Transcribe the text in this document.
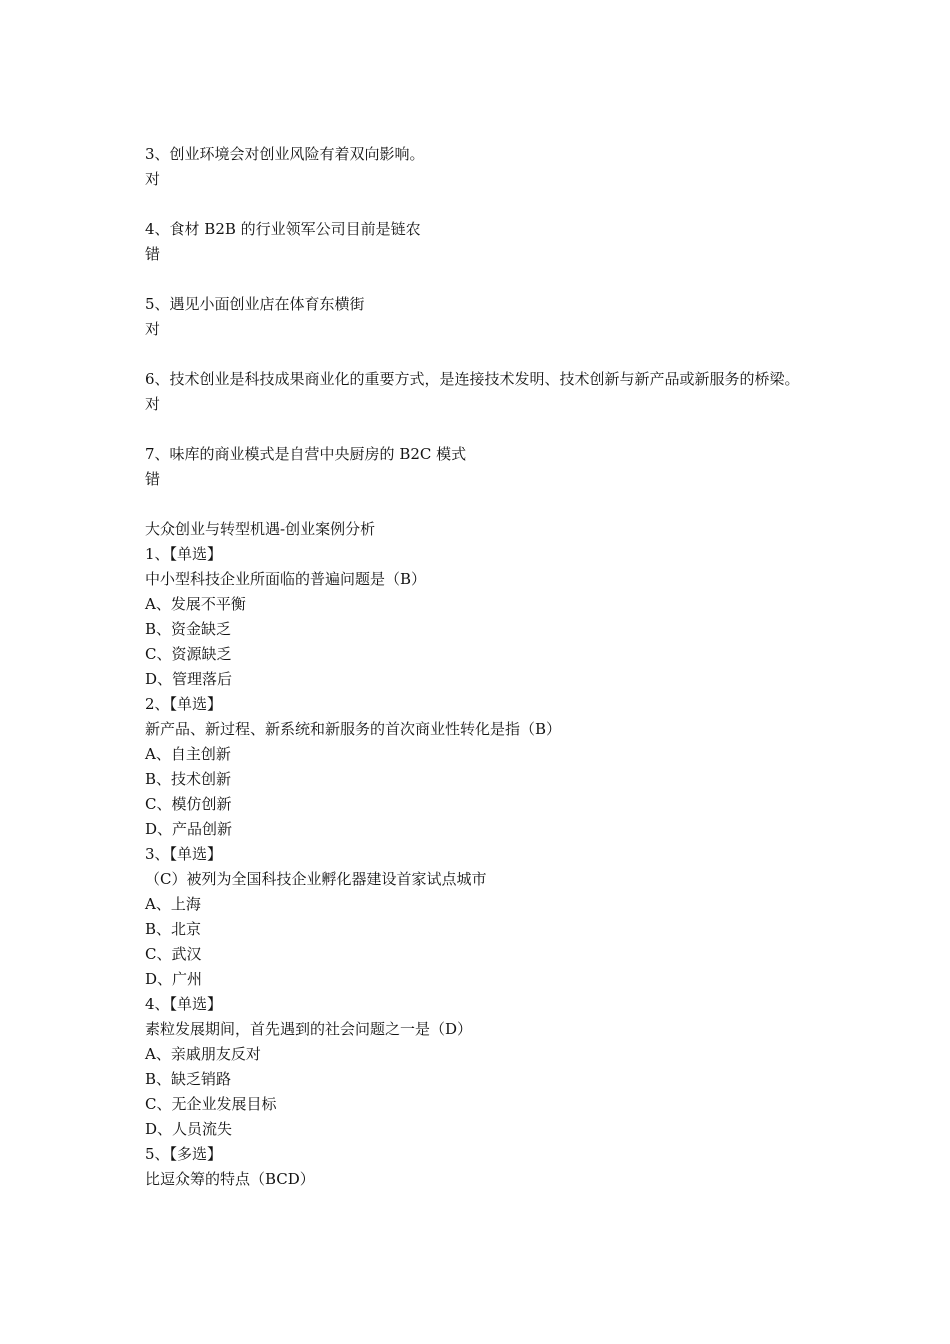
3、创业环境会对创业风险有着双向影响。
对
4、食材 B2B 的行业领军公司目前是链农
错
5、遇见小面创业店在体育东横街
对
6、技术创业是科技成果商业化的重要方式，是连接技术发明、技术创新与新产品或新服务的桥梁。
对
7、味库的商业模式是自营中央厨房的 B2C 模式
错
大众创业与转型机遇-创业案例分析
1、【单选】
中小型科技企业所面临的普遍问题是（B）
A、发展不平衡
B、资金缺乏
C、资源缺乏
D、管理落后
2、【单选】
新产品、新过程、新系统和新服务的首次商业性转化是指（B）
A、自主创新
B、技术创新
C、模仿创新
D、产品创新
3、【单选】
（C）被列为全国科技企业孵化器建设首家试点城市
A、上海
B、北京
C、武汉
D、广州
4、【单选】
素粒发展期间，首先遇到的社会问题之一是（D）
A、亲戚朋友反对
B、缺乏销路
C、无企业发展目标
D、人员流失
5、【多选】
比逗众筹的特点（BCD）
